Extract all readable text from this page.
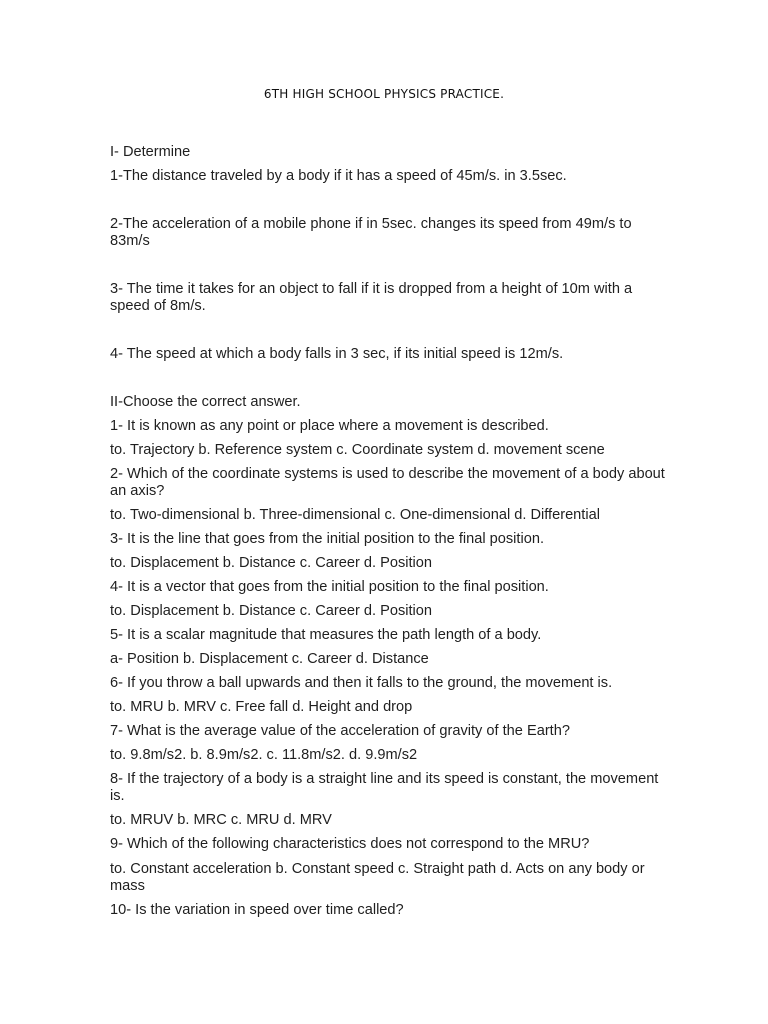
6TH HIGH SCHOOL PHYSICS PRACTICE.
I- Determine
1-The distance traveled by a body if it has a speed of 45m/s. in 3.5sec.
2-The acceleration of a mobile phone if in 5sec. changes its speed from 49m/s to 83m/s
3- The time it takes for an object to fall if it is dropped from a height of 10m with a speed of 8m/s.
4- The speed at which a body falls in 3 sec, if its initial speed is 12m/s.
II-Choose the correct answer.
1- It is known as any point or place where a movement is described.
to. Trajectory b. Reference system c. Coordinate system d. movement scene
2- Which of the coordinate systems is used to describe the movement of a body about an axis?
to. Two-dimensional b. Three-dimensional c. One-dimensional d. Differential
3- It is the line that goes from the initial position to the final position.
to. Displacement b. Distance c. Career d. Position
4- It is a vector that goes from the initial position to the final position.
to. Displacement b. Distance c. Career d. Position
5- It is a scalar magnitude that measures the path length of a body.
a- Position b. Displacement c. Career d. Distance
6- If you throw a ball upwards and then it falls to the ground, the movement is.
to. MRU b. MRV c. Free fall d. Height and drop
7- What is the average value of the acceleration of gravity of the Earth?
to. 9.8m/s2. b. 8.9m/s2. c. 11.8m/s2. d. 9.9m/s2
8- If the trajectory of a body is a straight line and its speed is constant, the movement is.
to. MRUV b. MRC c. MRU d. MRV
9- Which of the following characteristics does not correspond to the MRU?
to. Constant acceleration b. Constant speed c. Straight path d. Acts on any body or mass
10- Is the variation in speed over time called?
